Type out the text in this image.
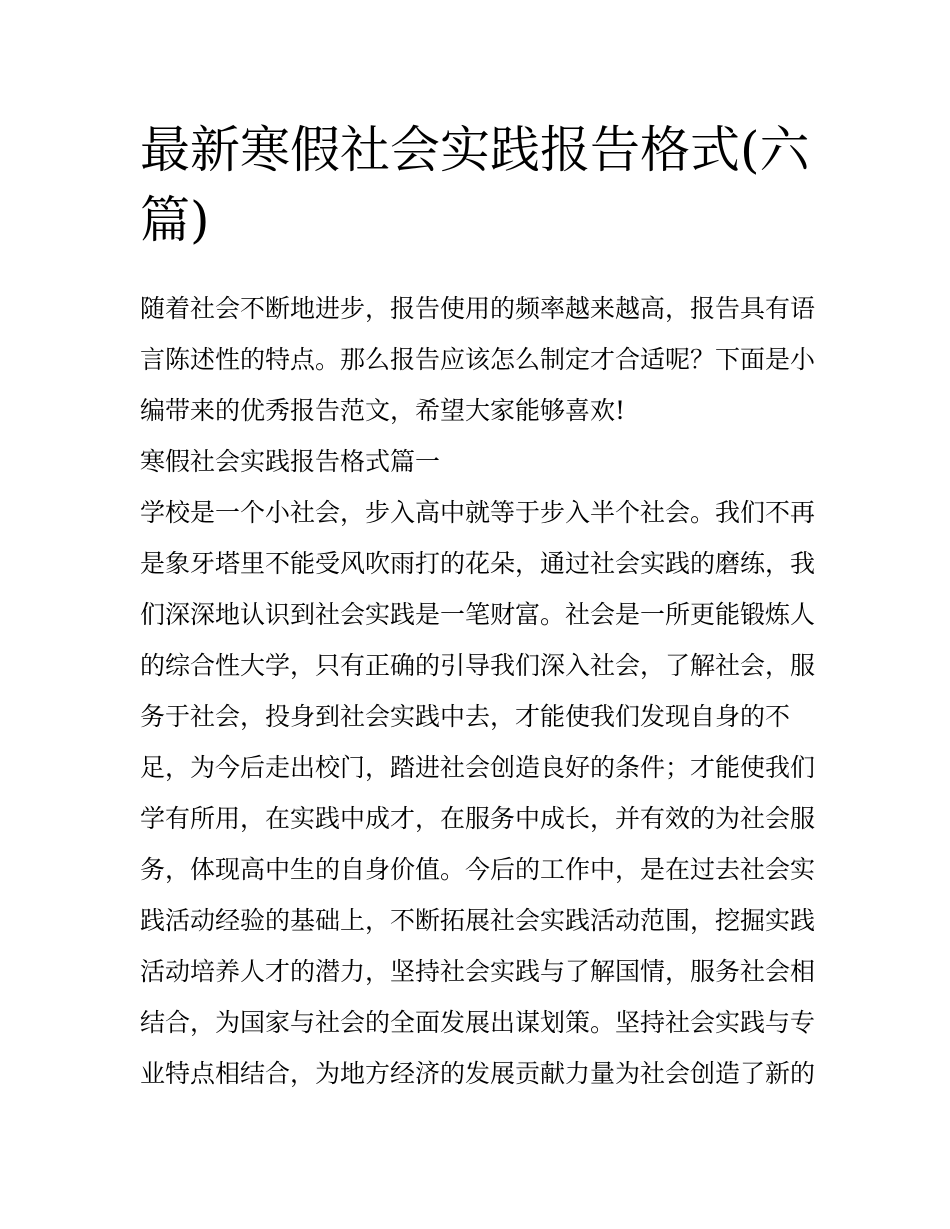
最新寒假社会实践报告格式(六
篇)
随着社会不断地进步，报告使用的频率越来越高，报告具有语
言陈述性的特点。那么报告应该怎么制定才合适呢？下面是小
编带来的优秀报告范文，希望大家能够喜欢!
寒假社会实践报告格式篇一
学校是一个小社会，步入高中就等于步入半个社会。我们不再
是象牙塔里不能受风吹雨打的花朵，通过社会实践的磨练，我
们深深地认识到社会实践是一笔财富。社会是一所更能锻炼人
的综合性大学，只有正确的引导我们深入社会，了解社会，服
务于社会，投身到社会实践中去，才能使我们发现自身的不
足，为今后走出校门，踏进社会创造良好的条件；才能使我们
学有所用，在实践中成才，在服务中成长，并有效的为社会服
务，体现高中生的自身价值。今后的工作中，是在过去社会实
践活动经验的基础上，不断拓展社会实践活动范围，挖掘实践
活动培养人才的潜力，坚持社会实践与了解国情，服务社会相
结合，为国家与社会的全面发展出谋划策。坚持社会实践与专
业特点相结合，为地方经济的发展贡献力量为社会创造了新的
